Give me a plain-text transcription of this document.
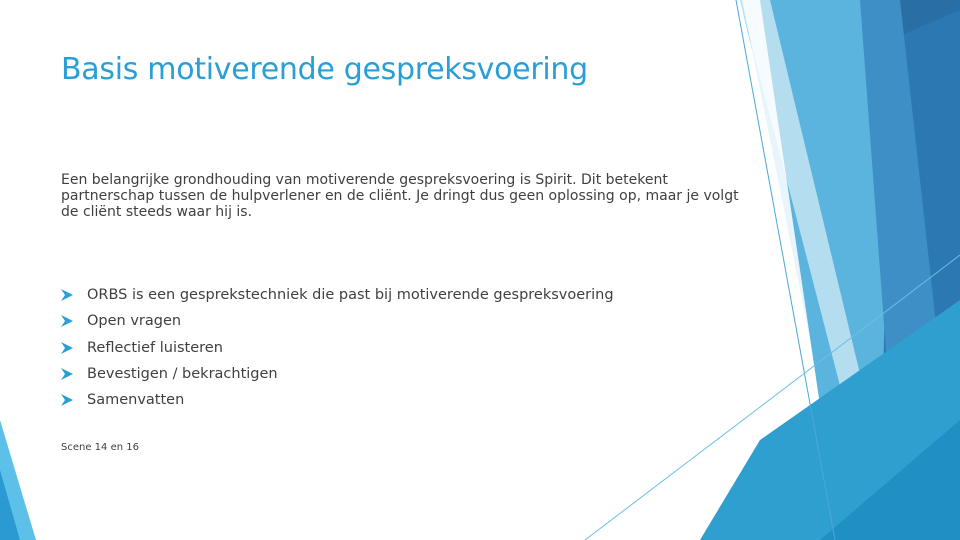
Basis motiverende gespreksvoering

Een belangrijke grondhouding van motiverende gespreksvoering is Spirit. Dit betekent partnerschap tussen de hulpverlener en de cliënt. Je dringt dus geen oplossing op, maar je volgt de cliënt steeds waar hij is.

ORBS is een gesprekstechniek die past bij motiverende gespreksvoering
Open vragen
Reflectief luisteren
Bevestigen / bekrachtigen
Samenvatten
Scene 14 en 16
